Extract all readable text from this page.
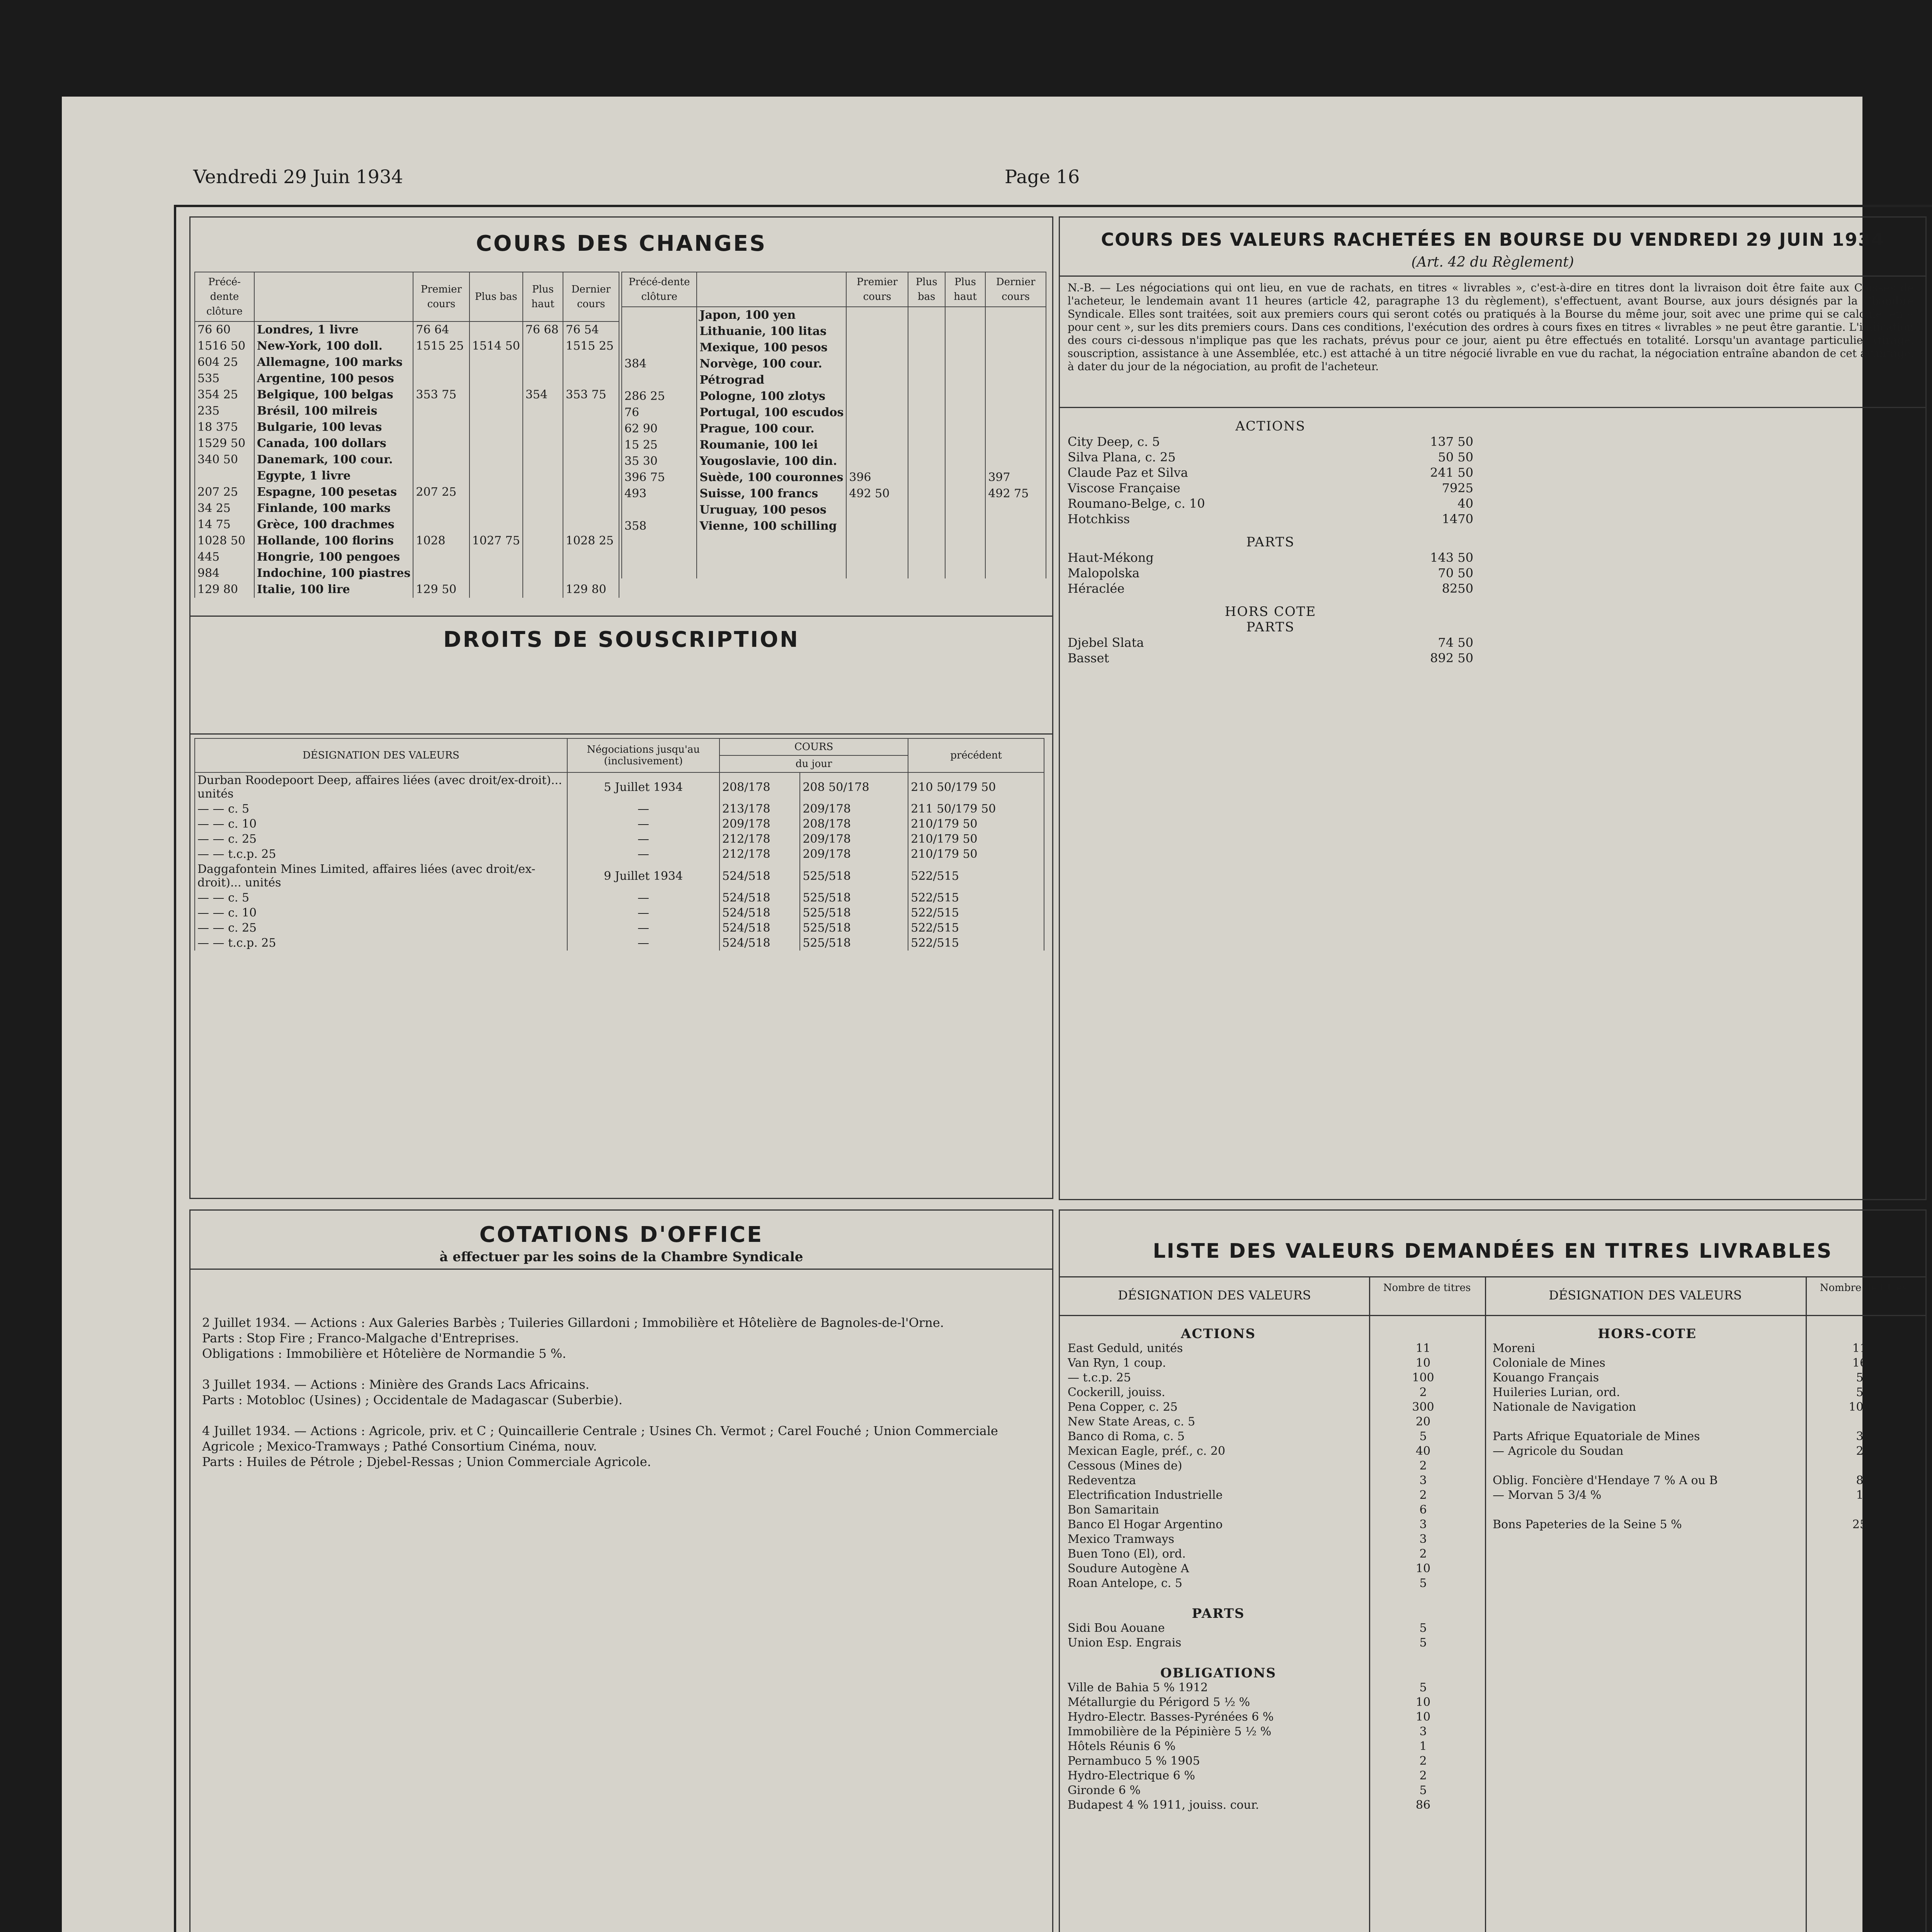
Vendredi 29 Juin 1934	Page 16
COURS DES CHANGES
Précé-dente clôture		Premier cours	Plus bas	Plus haut	Dernier cours
76 60	Londres, 1 livre	76 64		76 68	76 54
1516 50	New-York, 100 doll.	1515 25	1514 50		1515 25
604 25	Allemagne, 100 marks				
535	Argentine, 100 pesos				
354 25	Belgique, 100 belgas	353 75		354	353 75
235	Brésil, 100 milreis				
18 375	Bulgarie, 100 levas				
1529 50	Canada, 100 dollars				
340 50	Danemark, 100 cour.				
	Egypte, 1 livre				
207 25	Espagne, 100 pesetas	207 25			
34 25	Finlande, 100 marks				
14 75	Grèce, 100 drachmes				
1028 50	Hollande, 100 florins	1028	1027 75		1028 25
445	Hongrie, 100 pengoes				
984	Indochine, 100 piastres				
129 80	Italie, 100 lire	129 50			129 80
Précé-dente clôture		Premier cours	Plus bas	Plus haut	Dernier cours
	Japon, 100 yen				
	Lithuanie, 100 litas				
	Mexique, 100 pesos				
384	Norvège, 100 cour.				
	Pétrograd				
286 25	Pologne, 100 zlotys				
76	Portugal, 100 escudos				
62 90	Prague, 100 cour.				
15 25	Roumanie, 100 lei				
35 30	Yougoslavie, 100 din.				
396 75	Suède, 100 couronnes	396			397
493	Suisse, 100 francs	492 50			492 75
	Uruguay, 100 pesos				
358	Vienne, 100 schilling				

DROITS DE SOUSCRIPTION
DÉSIGNATION DES VALEURS	Négociations jusqu'au (inclusivement)	COURS		précédent
		du jour		
Durban Roodepoort Deep, affaires liées (avec droit/ex-droit)... unités	5 Juillet 1934	208/178	208 50/178	210 50/179 50
— — c. 5	—	213/178	209/178	211 50/179 50
— — c. 10	—	209/178	208/178	210/179 50
— — c. 25	—	212/178	209/178	210/179 50
— — t.c.p. 25	—	212/178	209/178	210/179 50
Daggafontein Mines Limited, affaires liées (avec droit/ex-droit)... unités	9 Juillet 1934	524/518	525/518	522/515
— — c. 5	—	524/518	525/518	522/515
— — c. 10	—	524/518	525/518	522/515
— — c. 25	—	524/518	525/518	522/515
— — t.c.p. 25	—	524/518	525/518	522/515
COURS DES VALEURS RACHETÉES EN BOURSE DU VENDREDI 29 JUIN 1934
(Art. 42 du Règlement)
N.-B. — Les négociations qui ont lieu, en vue de rachats, en titres « livrables », c'est-à-dire en titres dont la livraison doit être faite aux Caisses de l'acheteur, le lendemain avant 11 heures (article 42, paragraphe 13 du règlement), s'effectuent, avant Bourse, aux jours désignés par la Chambre Syndicale. Elles sont traitées, soit aux premiers cours qui seront cotés ou pratiqués à la Bourse du même jour, soit avec une prime qui se calcule, en « pour cent », sur les dits premiers cours. Dans ces conditions, l'exécution des ordres à cours fixes en titres « livrables » ne peut être garantie. L'indication des cours ci-dessous n'implique pas que les rachats, prévus pour ce jour, aient pu être effectués en totalité. Lorsqu'un avantage particulier (tirage, souscription, assistance à une Assemblée, etc.) est attaché à un titre négocié livrable en vue du rachat, la négociation entraîne abandon de cet avantage, à dater du jour de la négociation, au profit de l'acheteur.
ACTIONS
City Deep, c. 5	137 50
Silva Plana, c. 25	50 50
Claude Paz et Silva	241 50
Viscose Française	7925
Roumano-Belge, c. 10	40
Hotchkiss	1470
PARTS
Haut-Mékong	143 50
Malopolska	70 50
Héraclée	8250
HORS COTE
PARTS
Djebel Slata	74 50
Basset	892 50
COTATIONS D'OFFICE
à effectuer par les soins de la Chambre Syndicale
2 Juillet 1934. — Actions : Aux Galeries Barbès ; Tuileries Gillardoni ; Immobilière et Hôtelière de Bagnoles-de-l'Orne.
Parts : Stop Fire ; Franco-Malgache d'Entreprises.
Obligations : Immobilière et Hôtelière de Normandie 5 %.
3 Juillet 1934. — Actions : Minière des Grands Lacs Africains.
Parts : Motobloc (Usines) ; Occidentale de Madagascar (Suberbie).
4 Juillet 1934. — Actions : Agricole, priv. et C ; Quincaillerie Centrale ; Usines Ch. Vermot ; Carel Fouché ; Union Commerciale Agricole ; Mexico-Tramways ; Pathé Consortium Cinéma, nouv.
Parts : Huiles de Pétrole ; Djebel-Ressas ; Union Commerciale Agricole.
LISTE DES VALEURS DEMANDÉES EN TITRES LIVRABLES
DÉSIGNATION DES VALEURS	Nombre de titres	DÉSIGNATION DES VALEURS	Nombre de titres
ACTIONS
East Geduld, unités	11
Van Ryn, 1 coup.	10
— t.c.p. 25	100
Cockerill, jouiss.	2
Pena Copper, c. 25	300
New State Areas, c. 5	20
Banco di Roma, c. 5	5
Mexican Eagle, préf., c. 20	40
Cessous (Mines de)	2
Redeventza	3
Electrification Industrielle	2
Bon Samaritain	6
Banco El Hogar Argentino	3
Mexico Tramways	3
Buen Tono (El), ord.	2
Soudure Autogène A	10
Roan Antelope, c. 5	5
PARTS
Sidi Bou Aouane	5
Union Esp. Engrais	5
OBLIGATIONS
Ville de Bahia 5 % 1912	5
Métallurgie du Périgord 5 ½ %	10
Hydro-Electr. Basses-Pyrénées 6 %	10
Immobilière de la Pépinière 5 ½ %	3
Hôtels Réunis 6 %	1
Pernambuco 5 % 1905	2
Hydro-Electrique 6 %	2
Gironde 6 %	5
Budapest 4 % 1911, jouiss. cour.	86
HORS-COTE
Moreni	11
Coloniale de Mines	16
Kouango Français	5
Huileries Lurian, ord.	5
Nationale de Navigation	100
Parts Afrique Equatoriale de Mines	3
— Agricole du Soudan	2
Oblig. Foncière d'Hendaye 7 % A ou B	8
— Morvan 5 3/4 %	1
Bons Papeteries de la Seine 5 %	25
